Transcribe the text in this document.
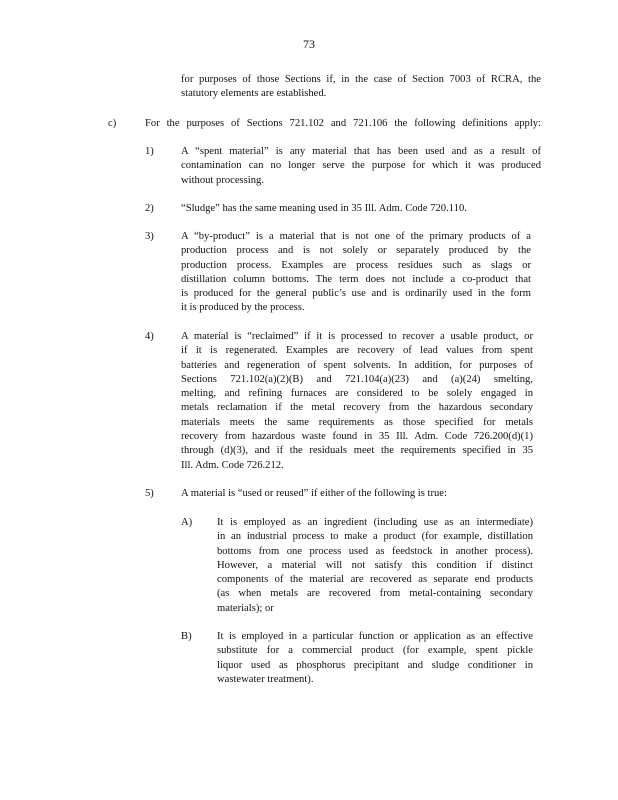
73
for purposes of those Sections if, in the case of Section 7003 of RCRA, the
statutory elements are established.
c)	For the purposes of Sections 721.102 and 721.106 the following definitions apply:
1)	A “spent material” is any material that has been used and as a result of
contamination can no longer serve the purpose for which it was produced
without processing.
2)	“Sludge” has the same meaning used in 35 Ill. Adm. Code 720.110.
3)	A “by-product” is a material that is not one of the primary products of a
production process and is not solely or separately produced by the
production process. Examples are process residues such as slags or
distillation column bottoms. The term does not include a co-product that
is produced for the general public’s use and is ordinarily used in the form
it is produced by the process.
4)	A material is “reclaimed” if it is processed to recover a usable product, or
if it is regenerated. Examples are recovery of lead values from spent
batteries and regeneration of spent solvents. In addition, for purposes of
Sections 721.102(a)(2)(B) and 721.104(a)(23) and (a)(24) smelting,
melting, and refining furnaces are considered to be solely engaged in
metals reclamation if the metal recovery from the hazardous secondary
materials meets the same requirements as those specified for metals
recovery from hazardous waste found in 35 Ill. Adm. Code 726.200(d)(1)
through (d)(3), and if the residuals meet the requirements specified in 35
Ill. Adm. Code 726.212.
5)	A material is “used or reused” if either of the following is true:
A) It is employed as an ingredient (including use as an intermediate)
in an industrial process to make a product (for example, distillation
bottoms from one process used as feedstock in another process).
However, a material will not satisfy this condition if distinct
components of the material are recovered as separate end products
(as when metals are recovered from metal-containing secondary
materials); or
B) It is employed in a particular function or application as an effective
substitute for a commercial product (for example, spent pickle
liquor used as phosphorus precipitant and sludge conditioner in
wastewater treatment).
